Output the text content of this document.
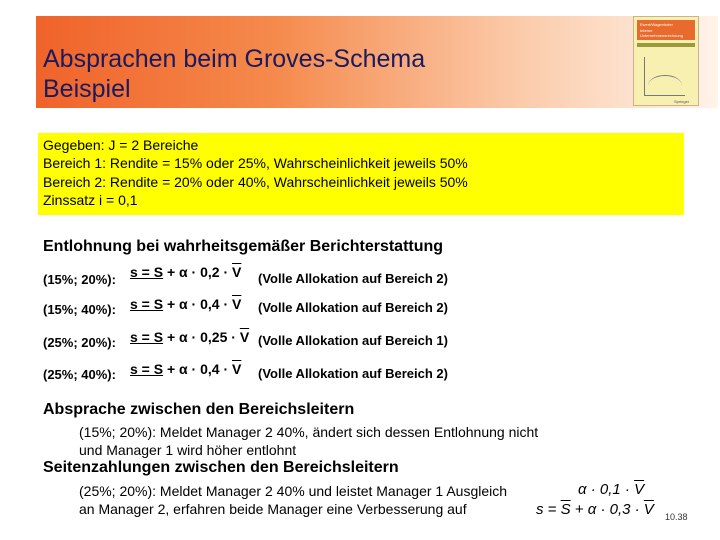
Absprachen beim Groves-Schema
Beispiel
Ewert/Wagenhofer
Interne
Unternehmensrechnung
Springer
Gegeben: J = 2 Bereiche
Bereich 1: Rendite = 15% oder 25%, Wahrscheinlichkeit jeweils 50%
Bereich 2: Rendite = 20% oder 40%, Wahrscheinlichkeit jeweils 50%
Zinssatz i = 0,1
Entlohnung bei wahrheitsgemäßer Berichterstattung
(15%; 20%): $s = S + \alpha \cdot 0,2 \cdot \overline{V}$ (Volle Allokation auf Bereich 2)
(15%; 40%): $s = S + \alpha \cdot 0,4 \cdot \overline{V}$ (Volle Allokation auf Bereich 2)
(25%; 20%): $s = S + \alpha \cdot 0,25 \cdot \overline{V}$ (Volle Allokation auf Bereich 1)
(25%; 40%): $s = S + \alpha \cdot 0,4 \cdot \overline{V}$ (Volle Allokation auf Bereich 2)
Absprache zwischen den Bereichsleitern
(15%; 20%): Meldet Manager 2 40%, ändert sich dessen Entlohnung nicht
und Manager 1 wird höher entlohnt
Seitenzahlungen zwischen den Bereichsleitern
(25%; 20%): Meldet Manager 2 40% und leistet Manager 1 Ausgleich
an Manager 2, erfahren beide Manager eine Verbesserung auf
$\alpha \cdot 0,1 \cdot \overline{V}$
$s = \overline{S} + \alpha \cdot 0,3 \cdot \overline{V}$ 10.38
